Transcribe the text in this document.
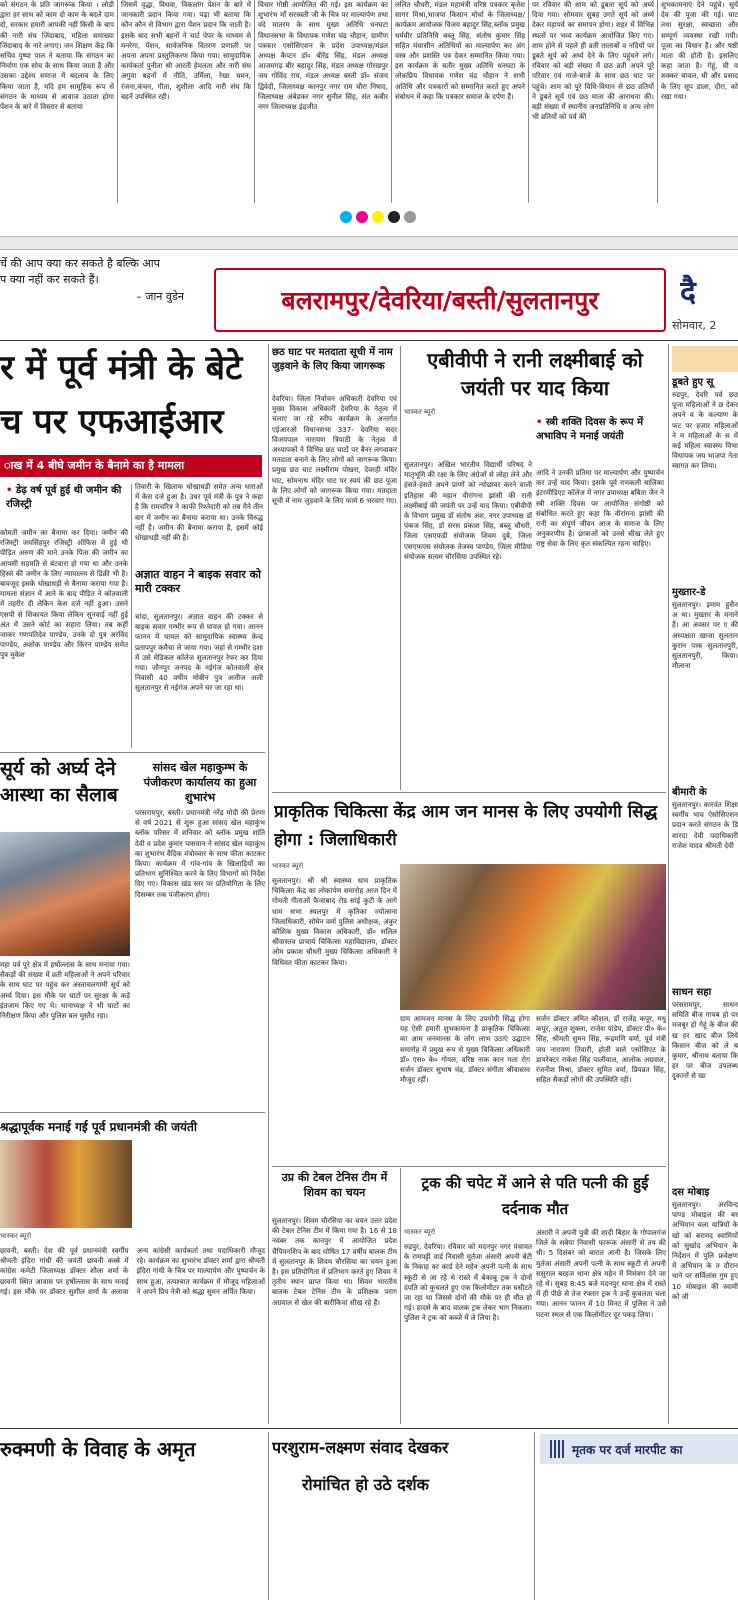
को संगठन के प्रति जागरूक किया । लोडी द्वारा हर साथ को काम दो काम के बदले दाम दो, सरकार हमारी आपकी नहीं किसी के बाप की नारी संघ जिंदाबाद, महिला समाख्या जिंदाबाद के नारे लगाए। जन शिक्षण केंद्र कि सचिव पुष्पा पाल ने बताया कि संगठन का निर्माण एक सोच के साथ किया जाता है और उसका उद्देश्य समाज में बदलाव के लिए किया जाता है, यदि हम सामूहिक रूप से संगठन के माध्यम से आवाज उठाता होगा पेंशन के बारे में विस्तार से बताया
जिसमें वृद्धा, विधवा, विकलांग पेंशन के बारे में जानकारी प्रदान किया गया। पढ़ा भी बताया कि कौन कौन से विभाग द्वारा पेंशन प्रदान कि जाती है। इसके बाद सभी बहनों ने चार्ट पेपर के माध्यम से मनरेगा, पेंशन, सार्वजनिक वितरण प्रणाली पर अपना अपना प्रस्तुतिकरण किया गया। सामुदायिक कार्यकर्ता पुनीता श्री आरती हेमलता और नारी संघ अगुवा बहनों में नीति, उर्मिला, रेखा चमन, रंजना,कंचन, गीता, शुशीला आदि नारी संघ कि बहनें उपस्थित रही।
विचार गोष्ठी आयोजित की गई। इस कार्यक्रम का शुभारंभ माँ सरस्वती जी के चित्र पर माल्यार्पण तथा वंदे मातरम के साथ मुख्य अतिथि धनघटा विधानसभा के विधायक गणेश चंद्र चौहान, ग्रामीण पत्रकार एसोसिएशन के प्रदेश उपाध्यक्ष/मंडल अध्यक्ष कैप्टन डॉ० बीरेंद्र सिंह, मंडल अध्यक्ष आजमगढ़ बीर बहादुर सिंह, मंडल अध्यक्ष गोरखपुर जय गोविंद राय, मंडल अध्यक्ष बस्ती डॉ० संजय द्विवेदी, जिलाध्यक्ष कानपुर नगर राम चौरा निषाद, जिलाध्यक्ष अंबेडकर नगर सुनील सिंह, संत कबीर नगर जिलाध्यक्ष इंद्रजीत
ललित चौधरी, मंडल महामंत्री वरिष्ठ पत्रकार बृजेश सागर मिश्रा,भाजपा किसान मोर्चा के जिलाध्यक्ष/कार्यक्रम आयोजक विजय बहादुर सिंह,ब्लॉक प्रमुख धर्मवीर प्रतिनिधि बब्लू सिंह, संतोष कुमार सिंह सहित मंचासीन अतिथियों का माल्यार्पण कर अंग वस्त्र और प्रशस्ति पत्र देकर सम्मानित किया गया। इस कार्यक्रम के बतौर मुख्य अतिथि धनघटा के लोकप्रिय विधायक गणेश चंद्र चौहान ने सभी अतिथि और पत्रकारों को सम्मानित करते हुए अपने संबोधन में कहा कि पत्रकार समाज के दर्पण हैं।
पर रविवार की शाम को डूबता सूर्य को अर्घ्य दिया गया। सोमवार सुबह उगते सूर्य को अर्घ्य देकर महापर्व का समापन होगा। शहर में विभिन्न स्थलों पर भव्य कार्यक्रम आयोजित किए गए। शाम होने से पहले ही व्रती तालाबों व नदियों पर डूबते सूर्य को अर्घ्य देने के लिए पहुंचने लगे। रविवार को बड़ी संख्या में छठ व्रती अपने पूरे परिवार एवं गाजे-बाजे के साथ छठ घाट पर पहुंचे। शाम को पूरे विधि-विधान से छठ व्रतियों ने डूबते सूर्य एवं छठ माता की आराधना की। बड़ी संख्या में स्थानीय जनप्रतिनिधि व अन्य लोग भी व्रतियों को पर्व की
शुभकामनाएं देने पहुंचे। सूर्य देव की पूजा की गई। घाट तथा सुरक्षा, स्वच्छता और सम्पूर्ण व्यवस्था रखी गयी। पूजा का विधान है। और षष्ठी माता की होती है। इसलिए कहा जाता है। गेहूं, घी व शक्कर चावल, घी और प्रसाद के लिए सूप डाला, दौरा, को रखा गया।
र्चे की आप क्या कर सकते है बल्कि आप
प क्या नहीं कर सकते हैं।
– जान वुडेन	बलरामपुर/देवरिया/बस्ती/सुलतानपुर	दै
सोमवार, 2
र में पूर्व मंत्री के बेटे
च पर एफआईआर
ाख में 4 बीघे जमीन के बैनामे का है मामला
• डेढ़ वर्ष पूर्व हुई थी जमीन की रजिस्ट्री
कोमती जमीन का बैनामा कर दिया। जमीन की रजिस्ट्री जयसिंहपुर रजिस्ट्री ऑफिस में हुई थी पीड़ित अरुण की माने उनके पिता की जमीन का आपसी सहमति से बंटवारा हो गया था और उनके हिस्से की जमीन के लिए न्यायालय से डिक्री भी है। बावजूद इसके धोखाधड़ी से बैनामा कराया गया है। मामला संज्ञान में आने के बाद पीड़ित ने कोतवाली में तहरीर दी लेकिन केस दर्ज नहीं हुआ। उसने एसपी से शिकायत किया लेकिन सुनवाई नहीं हुई अंत में उसने कोर्ट का सहारा लिया। तब कहीं जाकर गणपतिदेव पाण्डेय, उनके दो पुत्र अरविंद पाण्डेय, अशोक पाण्डेय और किरन पाण्डेय समेत पुत्र मुकेश
तिवारी के खिलाफ धोखाधड़ी समेत अन्य धाराओं में केस दर्ज हुआ है। उधर पूर्व मंत्री के पुत्र ने कहा है कि रामचरित्र ने काफी रिश्तेदारी को तब मैने तीन बार में जमीन का बैनामा कराया था। उनके विरुद्ध नहीं है। जमीन की बैनामा कराया है, इसमें कोई धोखाधड़ी नहीं की है।
अज्ञात वाहन ने बाइक सवार को मारी टक्कर
चांदा, सुलतानपुर। अज्ञात वाहन की टक्कर से बाइक सवार गम्भीर रूप से घायल हो गया। आनन फानन में घायल को सामुदायिक स्वास्थ्य केन्द्र प्रतापपुर कमैचा ले जाया गया। जहां से गम्भीर दशा में उसे मेडिकल कॉलेज सुलतानपुर रेफर कर दिया गया। जौनपुर जनपद के नईगंज कोतवाली क्षेत्र निवासी 40 वर्षीय मोबीन पुत्र अजीज अली सुलतानपुर से नईगंज अपने घर जा रहा था।
सूर्य को अर्घ्य देने आस्था का सैलाब
महा पर्व पूरे क्षेत्र में हर्षोल्लास के साथ मनाया गया। सैकड़ों की संख्या में व्रती महिलाओं ने अपने परिवार के साथ घाट पर पहुंच कर अस्ताचलगामी सूर्य को अर्घ्य दिया। इस मौके पर घाटों पर सुरक्षा के कड़े इंतजाम किए गए थे। थानाध्यक्ष ने भी घाटों का निरीक्षण किया और पुलिस बल मुस्तैद रहा।
सांसद खेल महाकुम्भ के पंजीकरण कार्यालय का हुआ शुभारंभ
परसरामपुर, बस्ती। प्रधानमंत्री नरेंद्र मोदी की प्रेरणा से वर्ष 2021 से शुरू हुआ सांसद खेल महाकुंभ ब्लॉक परिसर में शनिवार को ब्लॉक प्रमुख शांति देवी व प्रदेश कुमार पासवान ने सांसद खेल महाकुंभ का शुभारंभ वैदिक मंत्रोच्चार के साथ फीता काटकर किया। कार्यक्रम में गांव-गांव के खिलाड़ियों का प्रतिभाग सुनिश्चित करने के लिए विभागों को निर्देश दिए गए। विकास खंड स्तर पर प्रतियोगिता के लिए दिसम्बर तक पंजीकरण होगा।
श्रद्धापूर्वक मनाई गई पूर्व प्रधानमंत्री की जयंती
भास्कर ब्यूरो
छावनी, बस्ती। देश की पूर्व प्रधानमंत्री स्वर्गीय श्रीमती इंदिरा गांधी की जयंती छावनी कस्बे में कांग्रेस कमेटी जिलाध्यक्ष डॉक्टर शौला शर्मा के छावनी स्थित आवास पर हर्षोल्लास के साथ मनाई गई। इस मौके पर डॉक्टर सुशील शर्मा के अलावा अन्य कांग्रेसी कार्यकर्ता तथा पदाधिकारी मौजूद रहे। कार्यक्रम का शुभारंभ डॉक्टर शर्मा द्वारा श्रीमती इंदिरा गांधी के चित्र पर माल्यार्पण और पुष्पार्चन के साथ हुआ, तत्पश्चात कार्यक्रम में मौजूद महिलाओं ने अपने प्रिय नेत्री को श्रद्धा सुमन अर्पित किया।
छठ घाट पर मतदाता सूची में नाम जुड़वाने के लिए किया जागरूक
देवरिया। जिला निर्वाचन अधिकारी देवरिया एवं मुख्य विकास अधिकारी देवरिया के नेतृत्व में चलाए जा रहे स्वीप कार्यक्रम के अन्तर्गत एईआरओ विधानसभा 337- देवरिया सदर विजयपाल नारायण त्रिपाठी के नेतृत्व में अध्यापकों ने विभिन्न छठ घाटों पर बैनर लगवाकर मतदाता बनाने के लिए लोगों को जागरूक किया। प्रमुख छठ घाट लक्ष्मीराम पोखरा, देवरही मंदिर घाट, सोमनाथ मंदिर घाट पर स्वयं की छठ पूजा के लिए लोगों को जागरूक किया गया। मतदाता सूची में नाम जुड़वाने के लिए फार्म 6 भरवाए गए।
एबीवीपी ने रानी लक्ष्मीबाई को जयंती पर याद किया
भास्कर ब्यूरो
• स्त्री शक्ति दिवस के रूप में अभाविप ने मनाई जयंती
सुलतानपुर। अखिल भारतीय विद्यार्थी परिषद ने मातृभूमि की रक्षा के लिए अंग्रेजों से लोहा लेने और हंसते-हंसते अपने प्राणों को न्योछावर करने वाली इतिहास की महान वीरांगना झांसी की रानी लक्ष्मीबाई की जयंती पर उन्हें याद किया। एबीवीपी के विभाग प्रमुख डॉ संतोष अंश, नगर उपाध्यक्ष डॉ पंकज सिंह, डॉ सरस प्रकाश सिंह, बब्लू चौधरी, जिला एसएफडी संयोजक शिवम दुबे, जिला एसएफएस संयोजक तेजस्व पाण्डेय, जिला मीडिया संयोजक सत्यम चौरसिया उपस्थित रहे।
आदि ने उनकी प्रतिमा पर माल्यार्पण और पुष्पार्चन कर उन्हें याद किया। इसके पूर्व रामकली बालिका इंटरमीडिएट कॉलेज में नगर उपाध्यक्ष बबिता जैन ने स्त्री शक्ति दिवस पर आयोजित संगोष्ठी को संबोधित करते हुए कहा कि वीरांगना झांसी की रानी का संपूर्ण जीवन आज के समाज के लिए अनुकरणीय है। छात्राओं को उनसे सीख लेते हुए राष्ट्र सेवा के लिए कृत संकल्पित रहना चाहिए।
प्राकृतिक चिकित्सा केंद्र आम जन मानस के लिए उपयोगी सिद्ध होगा : जिलाधिकारी
भास्कर ब्यूरो
सुलतानपुर। श्री श्री स्वास्थ्य धाम प्राकृतिक चिकित्सा केंद्र का लोकार्पण समारोह आज दिन में गोमती गीताओं फैजाबाद रोड सांई कुटी के आगे धाम सभा स्थलपुर में कृतिका ज्योत्सना जिलाधिकारी, सोमेन वर्मा पुलिस अधीक्षक, अंकुर कौशिक मुख्य विकास अधिकारी, डॉ० सलिल श्रीवास्तव प्राचार्य चिकित्सा महाविद्यालय, डॉक्टर ओम प्रकाश चौधरी मुख्य चिकित्सा अधिकारी ने विधिवत फीता काटकर किया।
ग्राम आमजन मानस के लिए उपयोगी सिद्ध होगा यह ऐसी हमारी शुभकामना है प्राकृतिक चिकित्सा का आम जनमानस के लोग लाभ उठाएं उद्घाटन समारोह में प्रमुख रूप से मुख्य चिकित्सा अधिकारी डॉ० एस० के० गोयल, वरिष्ठ नाक कान गला रोग सर्जन डॉक्टर सुभाष चंद्र, डॉक्टर संगीता श्रीवास्तव मौजूद रहीं।
सर्जन डॉक्टर अमित कौशल, डॉ राजेंद्र कपूर, मधु कपूर, अतुल शुक्ला, राजेश पांडेय, डॉक्टर पी० के० सिंह, श्रीमती सुमन सिंह, रूद्रमणि वर्मा, पूर्व मंत्री जय नारायण तिवारी, होली वाले एसोसिएट के डायरेक्टर राकेश सिंह पालीवाल, आलोक अग्रवाल, रंजनीश मिश्रा, डॉक्टर सुमित वर्मा, प्रियव्रत सिंह, सहित सैकड़ों लोगों की उपस्थिति रही।
उप्र की टेबल टेनिस टीम में शिवम का चयन
सुलतानपुर। शिवम चौरसिया का चयन उत्तर प्रदेश की टेबल टेनिस टीम में किया गया है। 16 से 18 नवंबर तक कानपुर में आयोजित प्रदेश चैंपियनशिप के बाद घोषित 17 वर्षीय बालक टीम में सुलतानपुर के शिवम चौरसिया का चयन हुआ है। इस प्रतियोगिता में प्रतिभाग करते हुए शिवम ने तृतीय स्थान प्राप्त किया था। शिवम भारतीय बालक टेबल टेनिस टीम के प्रशिक्षक पराग अग्रवाल से खेल की बारीकियां सीख रहे हैं।
ट्रक की चपेट में आने से पति पत्नी की हुई दर्दनाक मौत
भास्कर ब्यूरो
रुद्रपुर, देवरिया। रविवार को मदनपुर नगर पंचायत के रामपट्टी वार्ड निवासी मुर्तजा अंसारी अपनी बेटी के निकाह का कार्ड देने महेन अपनी पत्नी के साथ स्कूटी से जा रहे थे रास्ते में बेकाबू ट्रक ने दोनों दंपति को कुचलते हुए एक किलोमीटर तक घसीटते जा रहा था जिससे दोनों की मौके पर ही मौत हो गई। हादसे के बाद चालक ट्रक लेकर भाग निकला। पुलिस ने ट्रक को कब्जे में ले लिया है।
अंसारी ने अपनी पुत्री की शादी बिहार के गोपालगंज जिले के सबेया निवासी फारूक अंसारी से तय की थी। 5 दिसंबर को बारात आनी है। जिसके लिए मुर्तजा अंसारी अपनी पत्नी के साथ स्कूटी से अपनी ससुराल बरहज थाना क्षेत्र महेन में निमंत्रण देने जा रहे थे। सुबह 8:45 बजे मदनपुर थाना क्षेत्र में रास्ते में ही पीछे से तेज रफ्तार ट्रक ने उन्हें कुचलता चला गया। आनन फानन में 10 मिनट में पुलिस ने उसे घटना स्थल से एक किलोमीटर दूर पकड़ लिया।
डूबते हुए सू
रुद्रपुर, देवरि पर्व छठ पूजा महिलाओं ने छ देकर अपने व के कल्याण के फट पर हजार महिलाओं ने म महिलाओं के स में कई महिला स्वास्थ्य विभा विधायक जय भाजपा नेता स्वागत कर लिया।
मुख्तार-डे
सुलतानपुर। इमाम हुसैन अ था। मुख्तार के मनाने हैं। आ अवसर पर ए की अध्यक्षता खाजा सुलतान कुरान पाक सुलतानपुरी, सुलतानपुरी, किया। मौलाना
बीमारी के
सुलतानपुर। कारवंत शिक्षा स्वर्गीय भाव ऐसोसिएशन प्रदान करते संगठन के डि शारदा देवी पदाधिकारी राजेश यादव श्रीमती देवी
साधन सहा
परसरामपुर, साधन समिति बीज गायब हो पर मजबूर हो गेहूं के बीज की ख हर खाद बीज लिये किसान बीज को ले ब कुमार, श्रीनाथ बताया कि हर पर बीज उपलब्ध दुकानों से खा
दस मोबाइ
सुलतानपुर। अरविन्द पाण्ड मोबाइल की बर अभियान चला यात्रियों के खो को बरामद स्वामियों को सुखोद अभियान के निर्देशन में पुलि फ्रवेक्षण में अभियान के त दौरान थाने पर सर्विलांस गुम हुए 10 मोबाइल की स्वामी को जी
रुक्मणी के विवाह के अमृत	परशुराम-लक्ष्मण संवाद देखकर
रोमांचित हो उठे दर्शक
मृतक पर दर्ज मारपीट का
